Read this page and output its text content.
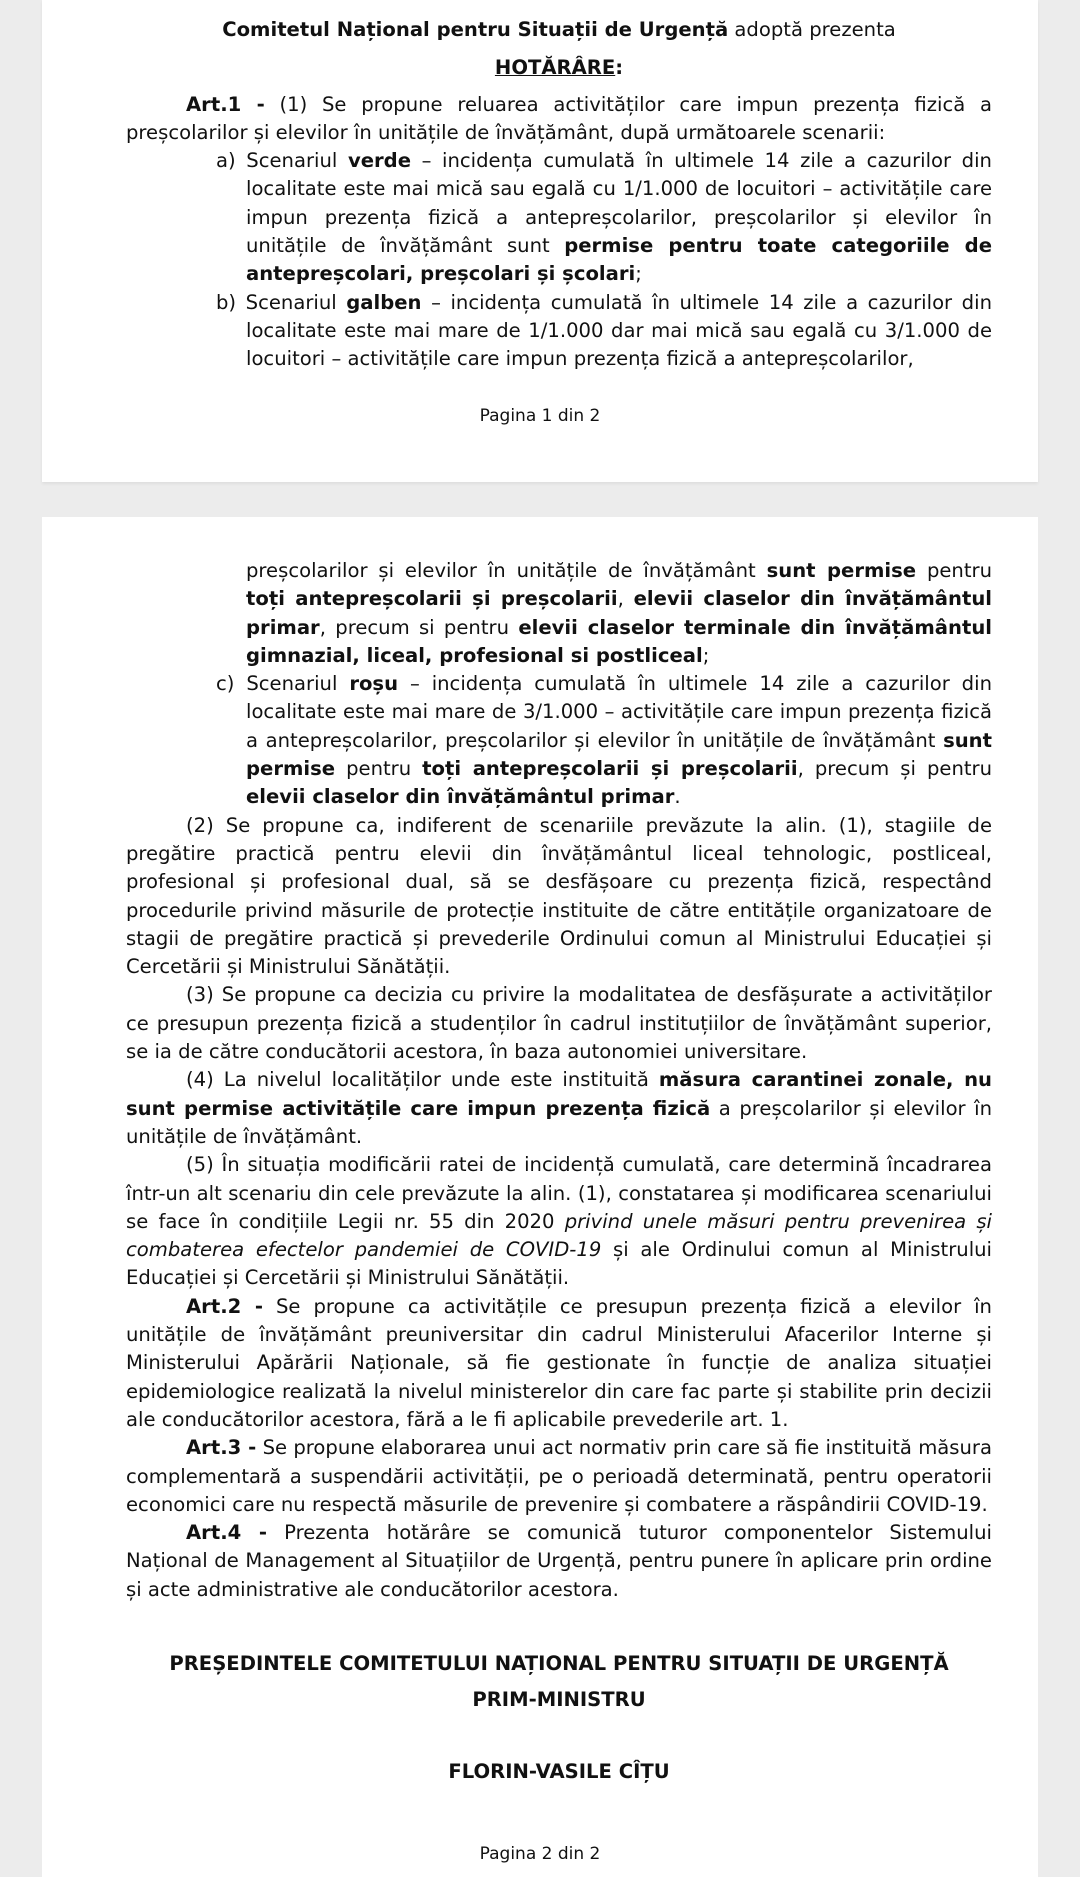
Comitetul Național pentru Situații de Urgență adoptă prezenta

HOTĂRÂRE:

Art.1 - (1) Se propune reluarea activităților care impun prezența fizică a preșcolarilor și elevilor în unitățile de învățământ, după următoarele scenarii:

a) Scenariul verde – incidența cumulată în ultimele 14 zile a cazurilor din localitate este mai mică sau egală cu 1/1.000 de locuitori – activitățile care impun prezența fizică a antepreșcolarilor, preșcolarilor și elevilor în unitățile de învățământ sunt permise pentru toate categoriile de antepreșcolari, preșcolari și școlari;

b) Scenariul galben – incidența cumulată în ultimele 14 zile a cazurilor din localitate este mai mare de 1/1.000 dar mai mică sau egală cu 3/1.000 de locuitori – activitățile care impun prezența fizică a antepreșcolarilor,

Pagina 1 din 2

preșcolarilor și elevilor în unitățile de învățământ sunt permise pentru toți antepreșcolarii și preșcolarii, elevii claselor din învățământul primar, precum si pentru elevii claselor terminale din învățământul gimnazial, liceal, profesional si postliceal;

c) Scenariul roșu – incidența cumulată în ultimele 14 zile a cazurilor din localitate este mai mare de 3/1.000 – activitățile care impun prezența fizică a antepreșcolarilor, preșcolarilor și elevilor în unitățile de învățământ sunt permise pentru toți antepreșcolarii și preșcolarii, precum și pentru elevii claselor din învățământul primar.

(2) Se propune ca, indiferent de scenariile prevăzute la alin. (1), stagiile de pregătire practică pentru elevii din învățământul liceal tehnologic, postliceal, profesional și profesional dual, să se desfășoare cu prezența fizică, respectând procedurile privind măsurile de protecție instituite de către entitățile organizatoare de stagii de pregătire practică și prevederile Ordinului comun al Ministrului Educației și Cercetării și Ministrului Sănătății.

(3) Se propune ca decizia cu privire la modalitatea de desfășurate a activităților ce presupun prezența fizică a studenților în cadrul instituțiilor de învățământ superior, se ia de către conducătorii acestora, în baza autonomiei universitare.

(4) La nivelul localităților unde este instituită măsura carantinei zonale, nu sunt permise activitățile care impun prezența fizică a preșcolarilor și elevilor în unitățile de învățământ.

(5) În situația modificării ratei de incidență cumulată, care determină încadrarea într-un alt scenariu din cele prevăzute la alin. (1), constatarea și modificarea scenariului se face în condițiile Legii nr. 55 din 2020 privind unele măsuri pentru prevenirea și combaterea efectelor pandemiei de COVID-19 și ale Ordinului comun al Ministrului Educației și Cercetării și Ministrului Sănătății.

Art.2 - Se propune ca activitățile ce presupun prezența fizică a elevilor în unitățile de învățământ preuniversitar din cadrul Ministerului Afacerilor Interne și Ministerului Apărării Naționale, să fie gestionate în funcție de analiza situației epidemiologice realizată la nivelul ministerelor din care fac parte și stabilite prin decizii ale conducătorilor acestora, fără a le fi aplicabile prevederile art. 1.

Art.3 - Se propune elaborarea unui act normativ prin care să fie instituită măsura complementară a suspendării activității, pe o perioadă determinată, pentru operatorii economici care nu respectă măsurile de prevenire și combatere a răspândirii COVID-19.

Art.4 - Prezenta hotărâre se comunică tuturor componentelor Sistemului Național de Management al Situațiilor de Urgență, pentru punere în aplicare prin ordine și acte administrative ale conducătorilor acestora.

PREȘEDINTELE COMITETULUI NAȚIONAL PENTRU SITUAȚII DE URGENȚĂ

PRIM-MINISTRU

FLORIN-VASILE CÎȚU

Pagina 2 din 2
